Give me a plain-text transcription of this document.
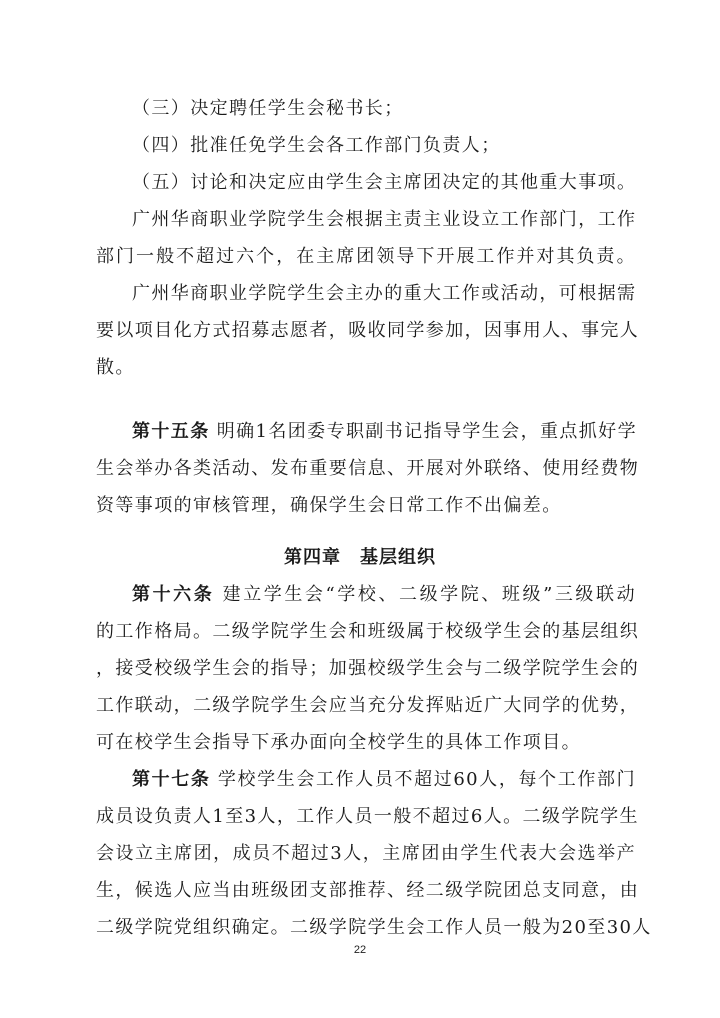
（三）决定聘任学生会秘书长；
（四）批准任免学生会各工作部门负责人；
（五）讨论和决定应由学生会主席团决定的其他重大事项。
广州华商职业学院学生会根据主责主业设立工作部门，工作
部门一般不超过六个，在主席团领导下开展工作并对其负责。
广州华商职业学院学生会主办的重大工作或活动，可根据需
要以项目化方式招募志愿者，吸收同学参加，因事用人、事完人
散。
第十五条 明确1名团委专职副书记指导学生会，重点抓好学
生会举办各类活动、发布重要信息、开展对外联络、使用经费物
资等事项的审核管理，确保学生会日常工作不出偏差。
第四章　基层组织
第十六条 建立学生会“学校、二级学院、班级”三级联动
的工作格局。二级学院学生会和班级属于校级学生会的基层组织
，接受校级学生会的指导；加强校级学生会与二级学院学生会的
工作联动，二级学院学生会应当充分发挥贴近广大同学的优势，
可在校学生会指导下承办面向全校学生的具体工作项目。
第十七条 学校学生会工作人员不超过60人，每个工作部门
成员设负责人1至3人，工作人员一般不超过6人。二级学院学生
会设立主席团，成员不超过3人，主席团由学生代表大会选举产
生，候选人应当由班级团支部推荐、经二级学院团总支同意，由
二级学院党组织确定。二级学院学生会工作人员一般为20至30人
22
